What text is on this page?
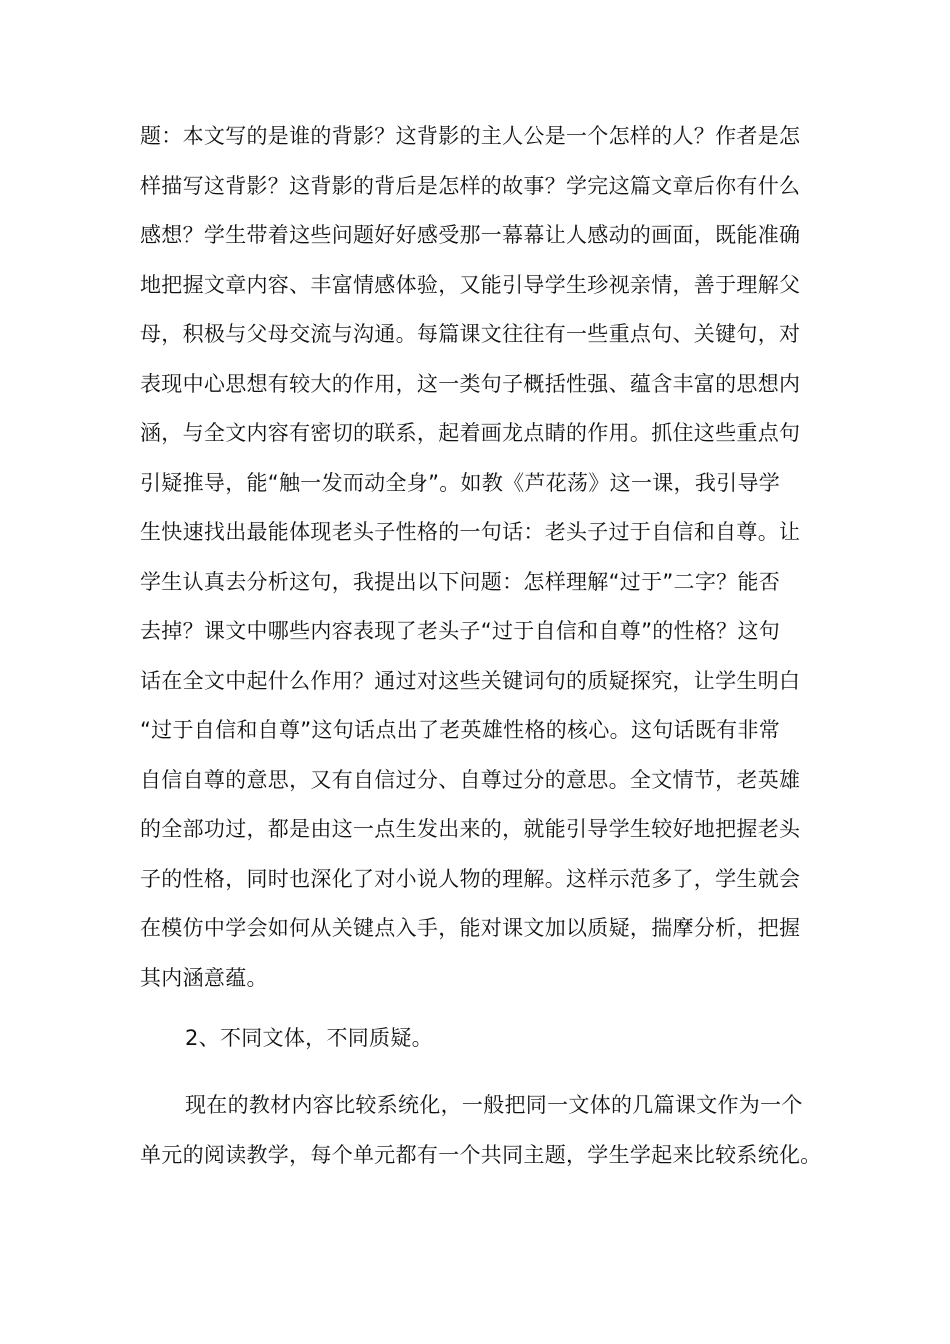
题：本文写的是谁的背影？这背影的主人公是一个怎样的人？作者是怎
样描写这背影？这背影的背后是怎样的故事？学完这篇文章后你有什么
感想？学生带着这些问题好好感受那一幕幕让人感动的画面，既能准确
地把握文章内容、丰富情感体验，又能引导学生珍视亲情，善于理解父
母，积极与父母交流与沟通。每篇课文往往有一些重点句、关键句，对
表现中心思想有较大的作用，这一类句子概括性强、蕴含丰富的思想内
涵，与全文内容有密切的联系，起着画龙点睛的作用。抓住这些重点句
引疑推导，能“触一发而动全身”。如教《芦花荡》这一课，我引导学
生快速找出最能体现老头子性格的一句话：老头子过于自信和自尊。让
学生认真去分析这句，我提出以下问题：怎样理解“过于”二字？能否
去掉？课文中哪些内容表现了老头子“过于自信和自尊”的性格？这句
话在全文中起什么作用？通过对这些关键词句的质疑探究，让学生明白
“过于自信和自尊”这句话点出了老英雄性格的核心。这句话既有非常
自信自尊的意思，又有自信过分、自尊过分的意思。全文情节，老英雄
的全部功过，都是由这一点生发出来的，就能引导学生较好地把握老头
子的性格，同时也深化了对小说人物的理解。这样示范多了，学生就会
在模仿中学会如何从关键点入手，能对课文加以质疑，揣摩分析，把握
其内涵意蕴。
2、不同文体，不同质疑。
现在的教材内容比较系统化，一般把同一文体的几篇课文作为一个
单元的阅读教学，每个单元都有一个共同主题，学生学起来比较系统化。
